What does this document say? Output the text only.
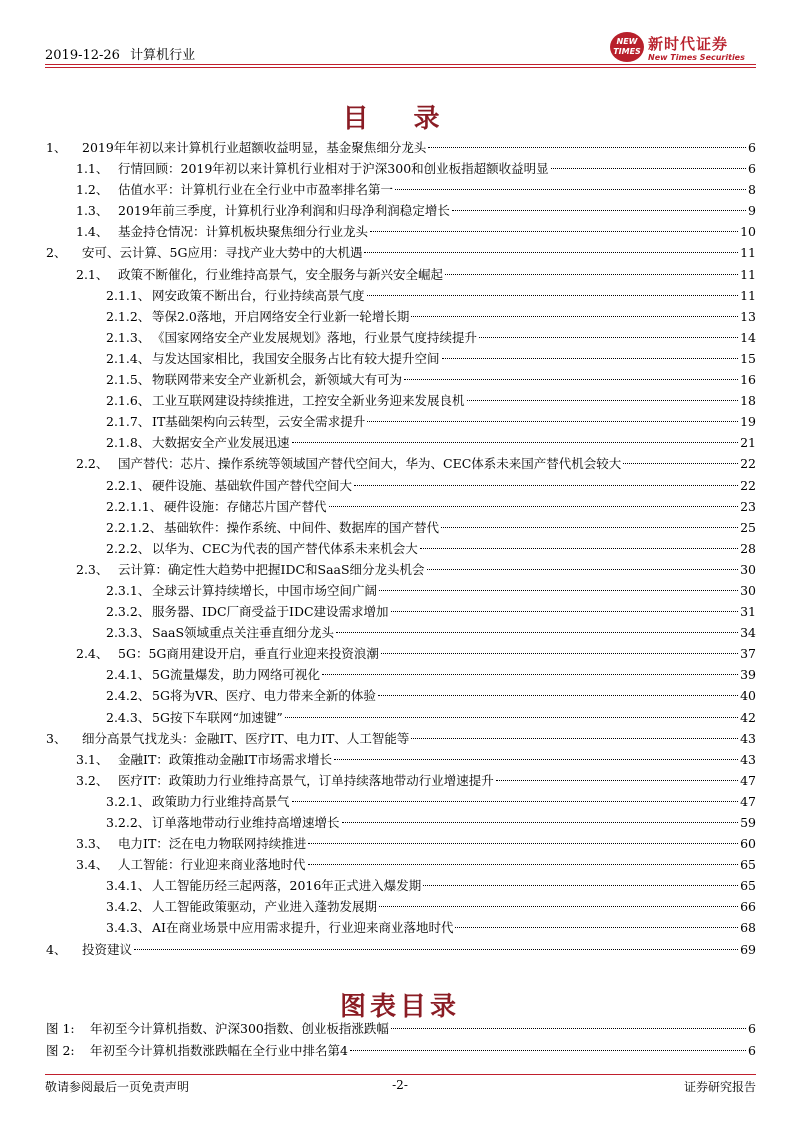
2019-12-26 计算机行业
NEW TIMES 新时代证券
New Times Securities
目 录
1、	2019年年初以来计算机行业超额收益明显，基金聚焦细分龙头	6
1.1、 行情回顾：2019年初以来计算机行业相对于沪深300和创业板指超额收益明显	6
1.2、 估值水平：计算机行业在全行业中市盈率排名第一	8
1.3、 2019年前三季度，计算机行业净利润和归母净利润稳定增长	9
1.4、 基金持仓情况：计算机板块聚焦细分行业龙头	10
2、	安可、云计算、5G应用：寻找产业大势中的大机遇	11
2.1、 政策不断催化，行业维持高景气，安全服务与新兴安全崛起	11
2.1.1、 网安政策不断出台，行业持续高景气度	11
2.1.2、 等保2.0落地，开启网络安全行业新一轮增长期	13
2.1.3、 《国家网络安全产业发展规划》落地，行业景气度持续提升	14
2.1.4、 与发达国家相比，我国安全服务占比有较大提升空间	15
2.1.5、 物联网带来安全产业新机会，新领域大有可为	16
2.1.6、 工业互联网建设持续推进，工控安全新业务迎来发展良机	18
2.1.7、 IT基础架构向云转型，云安全需求提升	19
2.1.8、 大数据安全产业发展迅速	21
2.2、 国产替代：芯片、操作系统等领域国产替代空间大，华为、CEC体系未来国产替代机会较大	22
2.2.1、 硬件设施、基础软件国产替代空间大	22
2.2.1.1、 硬件设施：存储芯片国产替代	23
2.2.1.2、 基础软件：操作系统、中间件、数据库的国产替代	25
2.2.2、 以华为、CEC为代表的国产替代体系未来机会大	28
2.3、 云计算：确定性大趋势中把握IDC和SaaS细分龙头机会	30
2.3.1、 全球云计算持续增长，中国市场空间广阔	30
2.3.2、 服务器、IDC厂商受益于IDC建设需求增加	31
2.3.3、 SaaS领域重点关注垂直细分龙头	34
2.4、 5G：5G商用建设开启，垂直行业迎来投资浪潮	37
2.4.1、 5G流量爆发，助力网络可视化	39
2.4.2、 5G将为VR、医疗、电力带来全新的体验	40
2.4.3、 5G按下车联网“加速键”	42
3、	细分高景气找龙头：金融IT、医疗IT、电力IT、人工智能等	43
3.1、 金融IT：政策推动金融IT市场需求增长	43
3.2、 医疗IT：政策助力行业维持高景气，订单持续落地带动行业增速提升	47
3.2.1、 政策助力行业维持高景气	47
3.2.2、 订单落地带动行业维持高增速增长	59
3.3、 电力IT：泛在电力物联网持续推进	60
3.4、 人工智能：行业迎来商业落地时代	65
3.4.1、 人工智能历经三起两落，2016年正式进入爆发期	65
3.4.2、 人工智能政策驱动，产业进入蓬勃发展期	66
3.4.3、 AI在商业场景中应用需求提升，行业迎来商业落地时代	68
4、	投资建议	69
图表目录
图 1:	年初至今计算机指数、沪深300指数、创业板指涨跌幅	6
图 2:	年初至今计算机指数涨跌幅在全行业中排名第4	6
敬请参阅最后一页免责声明	-2-	证券研究报告
